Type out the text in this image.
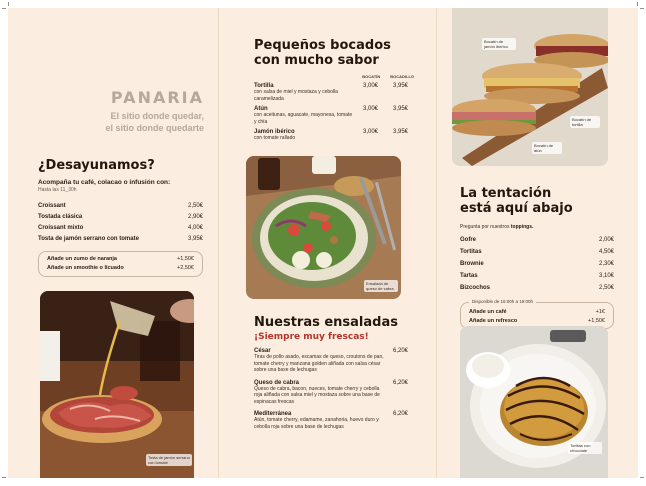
PANARIA
El sitio donde quedar,
el sitio donde quedarte
¿Desayunamos?
Acompaña tu café, colacao o infusión con:
Hasta las 11_30h
Croissant	2,50€
Tostada clásica	2,90€
Croissant mixto	4,00€
Tosta de jamón serrano con tomate	3,95€
Añade un zumo de naranja	+1,50€
Añade un smoothie o licuado	+2,50€
Tosta de jamón serrano con tomate
Pequeños bocados
con mucho sabor
BOCATÍN	BOCADILLO
Tortilla
con salsa de miel y mostaza y cebolla caramelizada
3,00€ 3,95€
Atún
con aceitunas, aguacate, mayonesa, tomate y chía
3,00€ 3,95€
Jamón ibérico
con tomate rallado
3,00€ 3,95€
Ensalada de queso de cabra
Nuestras ensaladas
¡Siempre muy frescas!
César
Tiras de pollo asado, escamas de queso, croutons de pan, tomate cherry y manzana golden aliñada con salsa césar sobre una base de lechugas
6,20€
Queso de cabra
Queso de cabra, bacon, nueces, tomate cherry y cebolla roja aliñada con salsa miel y mostaza sobre una base de espinacas frescas
6,20€
Mediterránea
Atún, tomate cherry, edamame, zanahoria, huevo duro y cebolla roja sobre una base de lechugas
6,20€
Bocatín de jamón ibérico
Bocatín de tortilla
Bocatín de atún
La tentación
está aquí abajo
Pregunta por nuestros toppings.
Gofre	2,00€
Tortitas	4,50€
Brownie	2,30€
Tartas	3,10€
Bizcochos	2,50€
Disponible de 16:00h a 19:00h
Añade un café	+1€
Añade un refresco	+1,50€
Tortitas con chocolate
